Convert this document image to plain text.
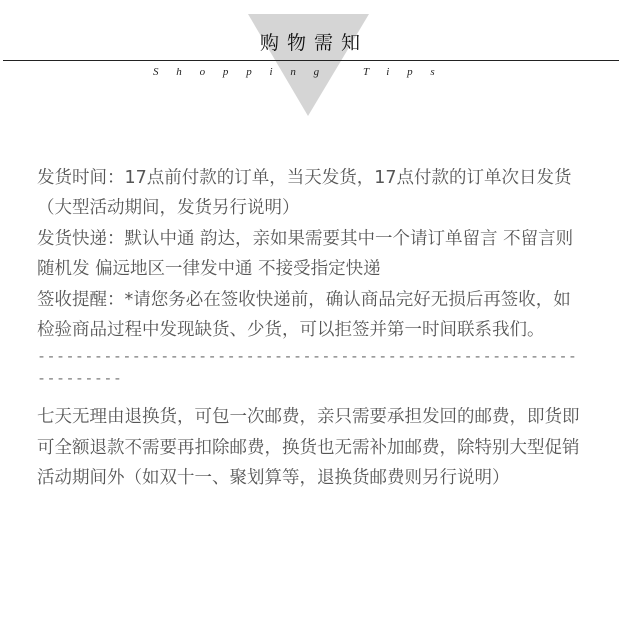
购物需知
Shopping Tips

发货时间：17点前付款的订单，当天发货，17点付款的订单次日发货（大型活动期间，发货另行说明）

发货快递：默认中通 韵达，亲如果需要其中一个请订单留言 不留言则随机发 偏远地区一律发中通 不接受指定快递

签收提醒：*请您务必在签收快递前，确认商品完好无损后再签收，如检验商品过程中发现缺货、少货，可以拒签并第一时间联系我们。

------------------------------------------------------------------

七天无理由退换货，可包一次邮费，亲只需要承担发回的邮费，即货即可全额退款不需要再扣除邮费，换货也无需补加邮费，除特别大型促销活动期间外（如双十一、聚划算等，退换货邮费则另行说明）
